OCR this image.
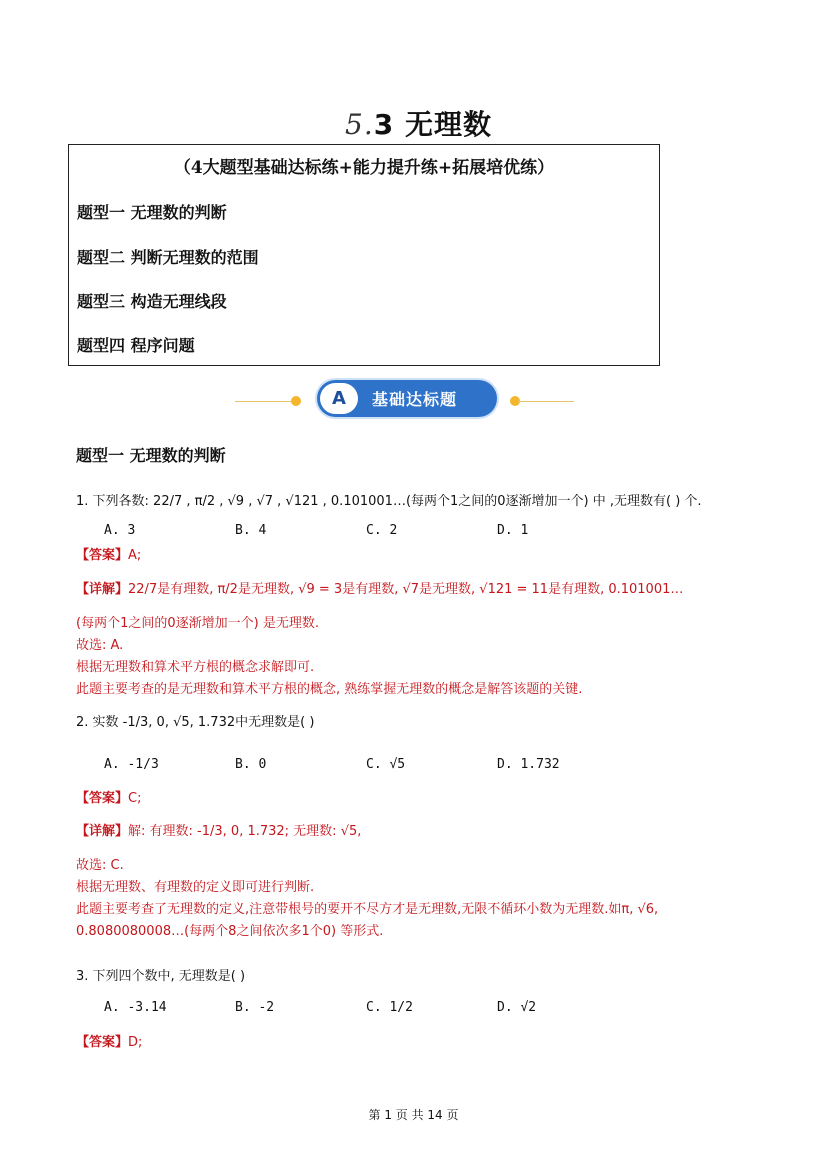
5.3 无理数
（4大题型基础达标练+能力提升练+拓展培优练）
题型一 无理数的判断
题型二 判断无理数的范围
题型三 构造无理线段
题型四 程序问题
A	基础达标题
题型一 无理数的判断
1. 下列各数: 22/7 , π/2 , √9 , √7 , √121 , 0.101001…(每两个1之间的0逐渐增加一个) 中 ,无理数有( ) 个.
A. 3	B. 4	C. 2	D. 1
【答案】A;
【详解】22/7是有理数, π/2是无理数, √9 = 3是有理数, √7是无理数, √121 = 11是有理数, 0.101001…
(每两个1之间的0逐渐增加一个) 是无理数.
故选: A.
根据无理数和算术平方根的概念求解即可.
此题主要考查的是无理数和算术平方根的概念, 熟练掌握无理数的概念是解答该题的关键.
2. 实数 -1/3, 0, √5, 1.732中无理数是( )
A. -1/3	B. 0	C. √5	D. 1.732
【答案】C;
【详解】解: 有理数: -1/3, 0, 1.732; 无理数: √5,
故选: C.
根据无理数、有理数的定义即可进行判断.
此题主要考查了无理数的定义,注意带根号的要开不尽方才是无理数,无限不循环小数为无理数.如π, √6,
0.8080080008…(每两个8之间依次多1个0) 等形式.
3. 下列四个数中, 无理数是( )
A. -3.14	B. -2	C. 1/2	D. √2
【答案】D;
第 1 页 共 14 页
